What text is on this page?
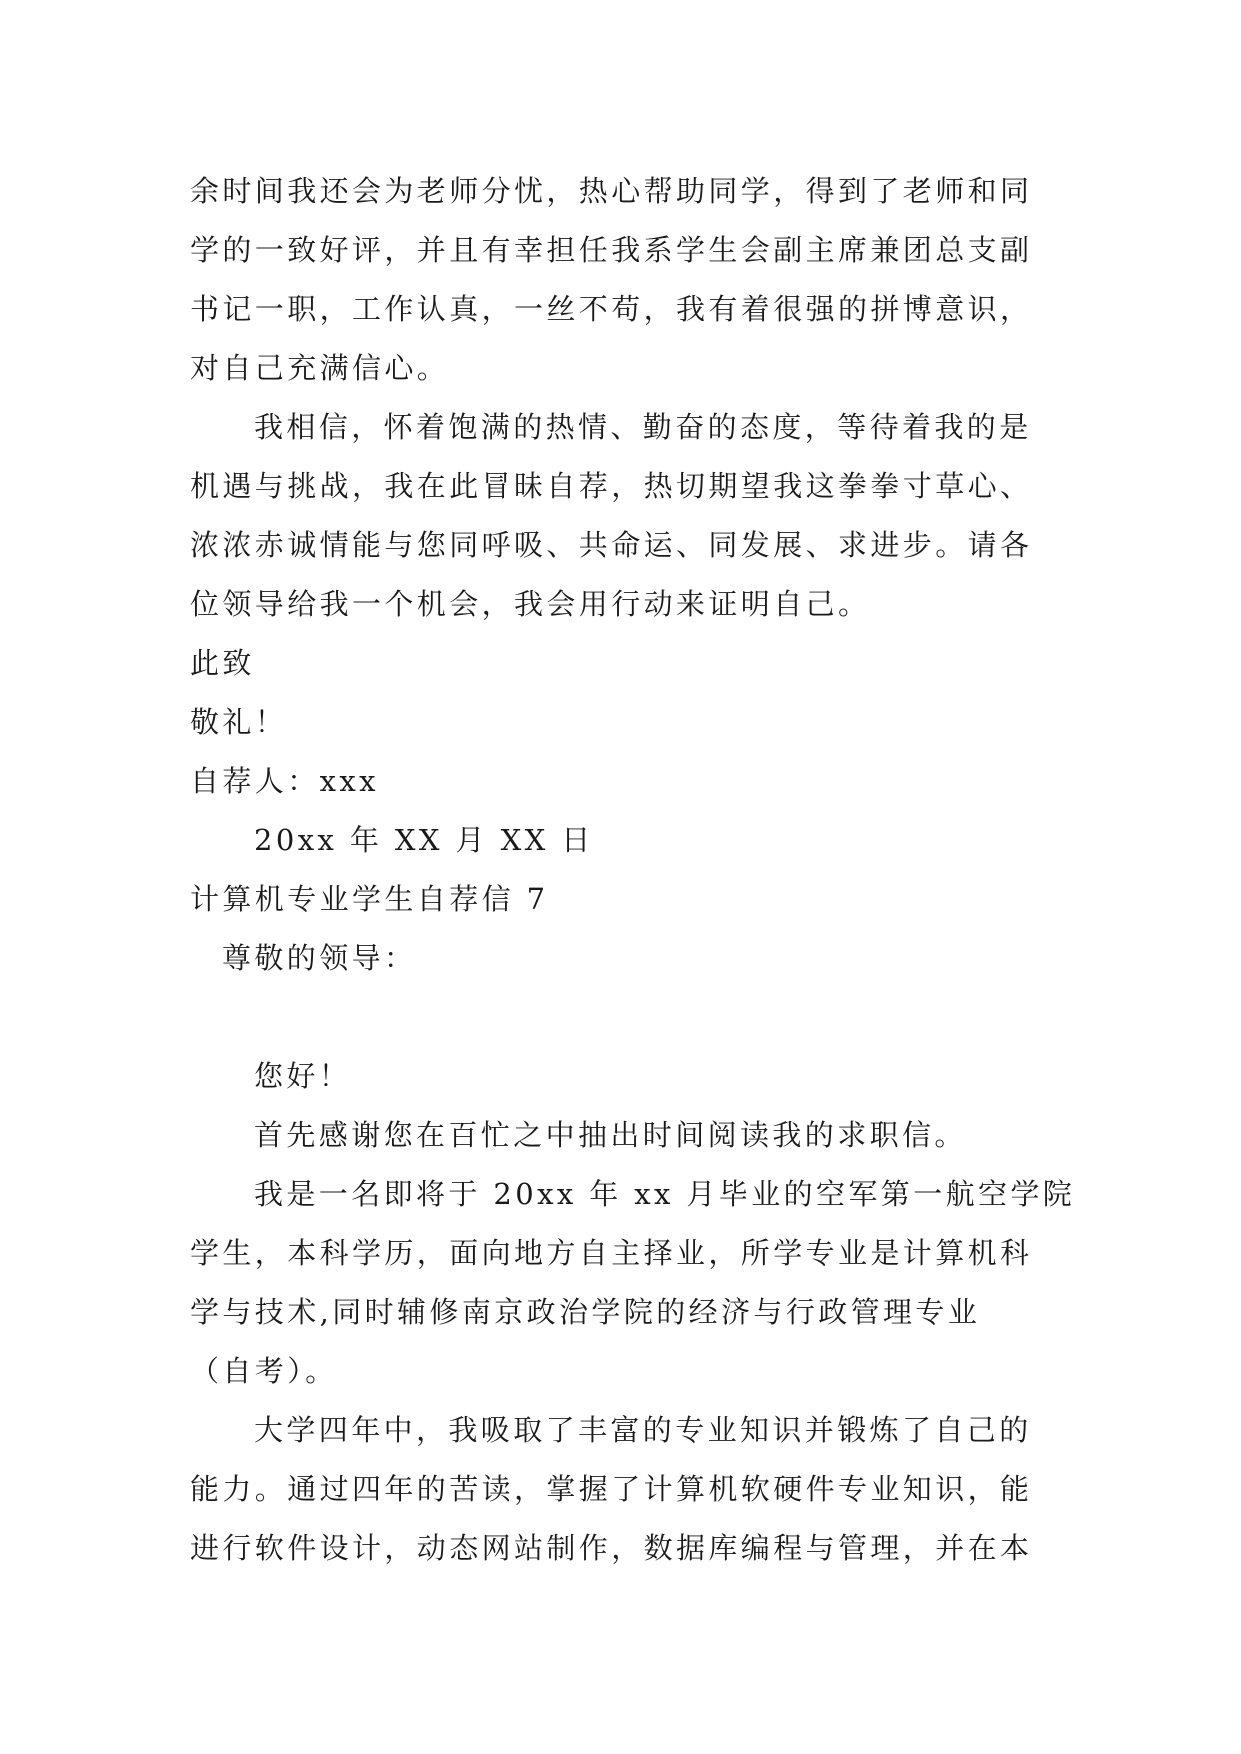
余时间我还会为老师分忧，热心帮助同学，得到了老师和同
学的一致好评，并且有幸担任我系学生会副主席兼团总支副
书记一职，工作认真，一丝不苟，我有着很强的拼博意识，
对自己充满信心。
我相信，怀着饱满的热情、勤奋的态度，等待着我的是
机遇与挑战，我在此冒昧自荐，热切期望我这拳拳寸草心、
浓浓赤诚情能与您同呼吸、共命运、同发展、求进步。请各
位领导给我一个机会，我会用行动来证明自己。
此致
敬礼！
自荐人：xxx
20xx 年 XX 月 XX 日
计算机专业学生自荐信 7
尊敬的领导：
您好！
首先感谢您在百忙之中抽出时间阅读我的求职信。
我是一名即将于 20xx 年 xx 月毕业的空军第一航空学院
学生，本科学历，面向地方自主择业，所学专业是计算机科
学与技术,同时辅修南京政治学院的经济与行政管理专业
（自考）。
大学四年中，我吸取了丰富的专业知识并锻炼了自己的
能力。通过四年的苦读，掌握了计算机软硬件专业知识，能
进行软件设计，动态网站制作，数据库编程与管理，并在本
